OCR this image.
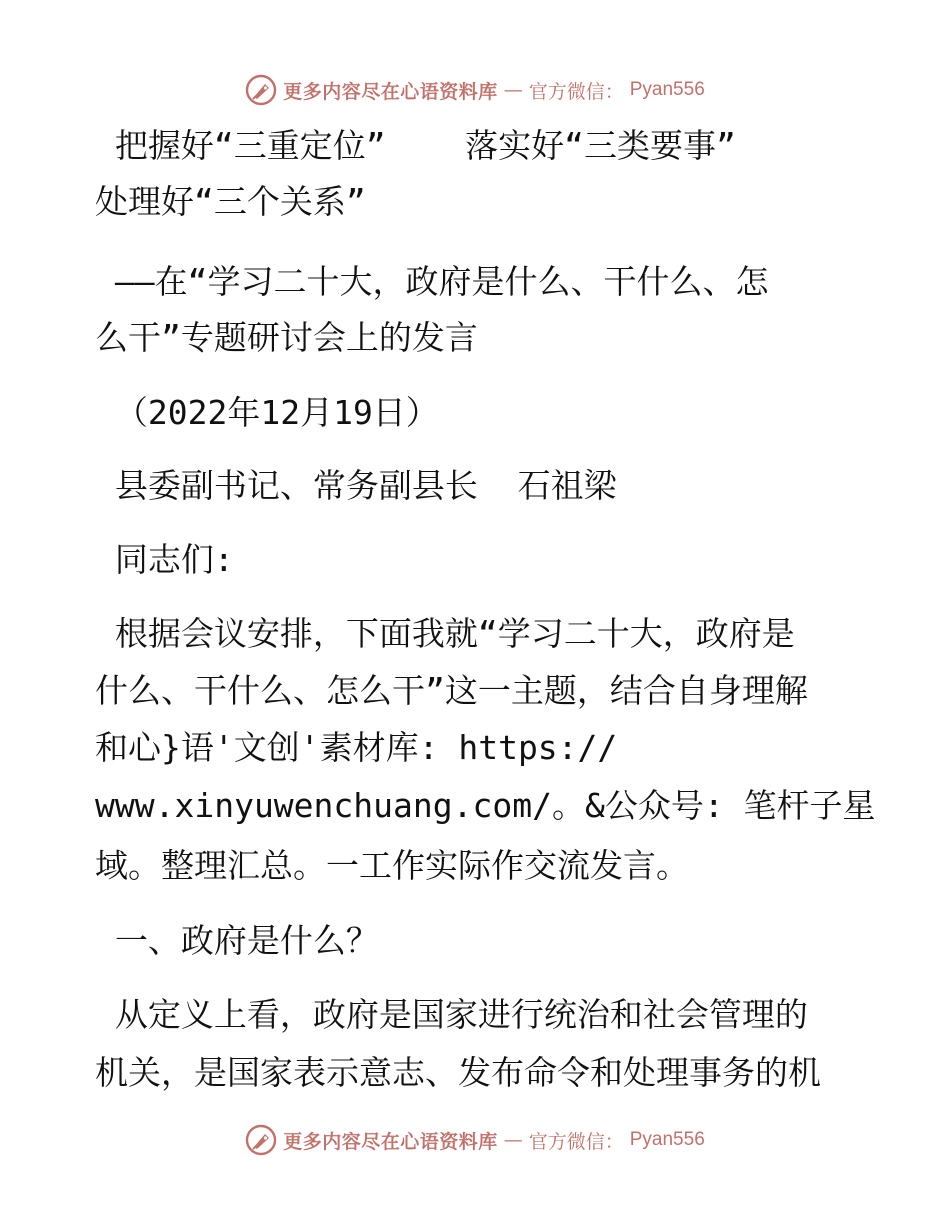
更多内容尽在心语资料库 — 官方微信： Pyan556
把握好“三重定位”    落实好“三类要事”
处理好“三个关系”
——在“学习二十大，政府是什么、干什么、怎
么干”专题研讨会上的发言
（2022年12月19日）
县委副书记、常务副县长  石祖梁
同志们:
根据会议安排，下面我就“学习二十大，政府是
什么、干什么、怎么干”这一主题，结合自身理解
和心}语'文创'素材库: https://
www.xinyuwenchuang.com/。&公众号: 笔杆子星
域。整理汇总。一工作实际作交流发言。
一、政府是什么？
从定义上看，政府是国家进行统治和社会管理的
机关，是国家表示意志、发布命令和处理事务的机
更多内容尽在心语资料库 — 官方微信： Pyan556
